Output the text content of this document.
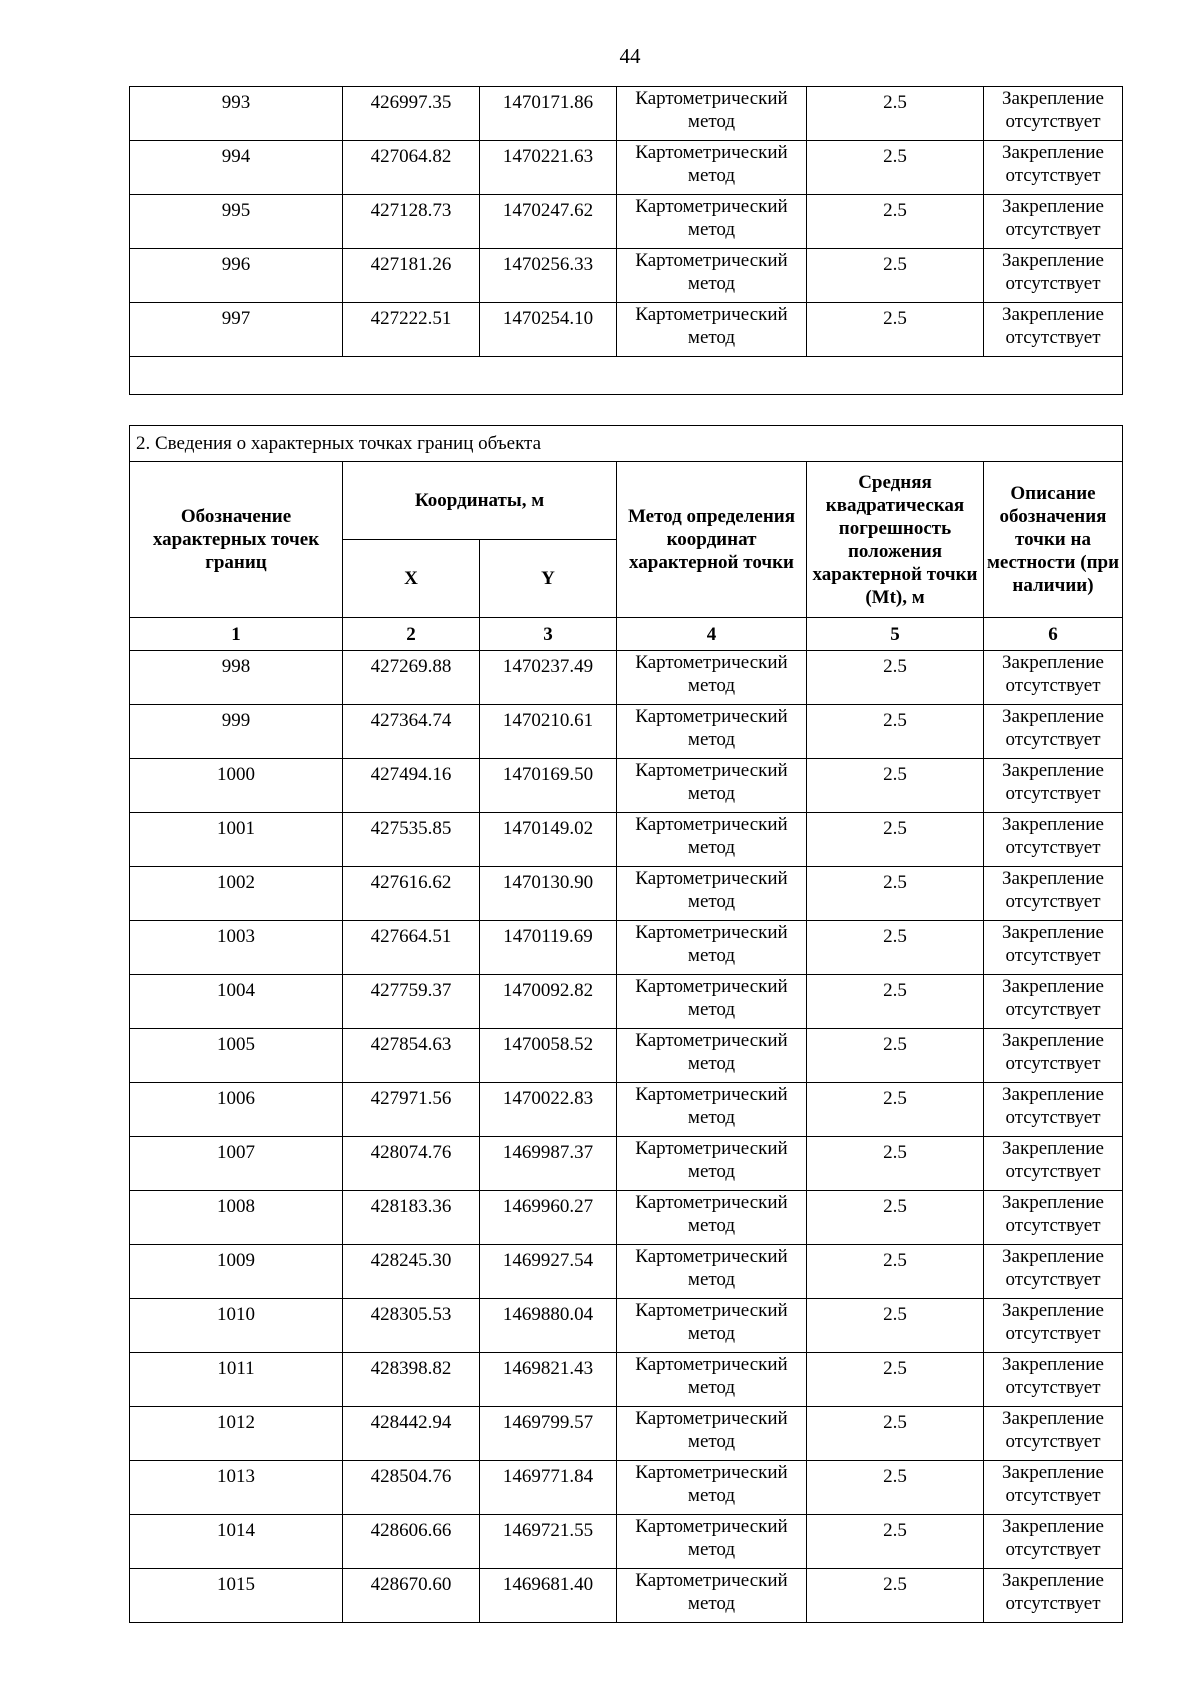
44
993	426997.35	1470171.86	Картометрический
метод	2.5	Закрепление
отсутствует

994	427064.82	1470221.63	Картометрический
метод	2.5	Закрепление
отсутствует

995	427128.73	1470247.62	Картометрический
метод	2.5	Закрепление
отсутствует

996	427181.26	1470256.33	Картометрический
метод	2.5	Закрепление
отсутствует

997	427222.51	1470254.10	Картометрический
метод	2.5	Закрепление
отсутствует

2. Сведения о характерных точках границ объекта					
Обозначение характерных точек границ	Координаты, м		Метод определения координат характерной точки	Средняя квадратическая погрешность положения характерной точки (Mt), м	Описание обозначения точки на местности (при наличии)
	X	Y			
1	2	3	4	5	6
998	427269.88	1470237.49	Картометрический
метод	2.5	Закрепление
отсутствует

999	427364.74	1470210.61	Картометрический
метод	2.5	Закрепление
отсутствует

1000	427494.16	1470169.50	Картометрический
метод	2.5	Закрепление
отсутствует

1001	427535.85	1470149.02	Картометрический
метод	2.5	Закрепление
отсутствует

1002	427616.62	1470130.90	Картометрический
метод	2.5	Закрепление
отсутствует

1003	427664.51	1470119.69	Картометрический
метод	2.5	Закрепление
отсутствует

1004	427759.37	1470092.82	Картометрический
метод	2.5	Закрепление
отсутствует

1005	427854.63	1470058.52	Картометрический
метод	2.5	Закрепление
отсутствует

1006	427971.56	1470022.83	Картометрический
метод	2.5	Закрепление
отсутствует

1007	428074.76	1469987.37	Картометрический
метод	2.5	Закрепление
отсутствует

1008	428183.36	1469960.27	Картометрический
метод	2.5	Закрепление
отсутствует

1009	428245.30	1469927.54	Картометрический
метод	2.5	Закрепление
отсутствует

1010	428305.53	1469880.04	Картометрический
метод	2.5	Закрепление
отсутствует

1011	428398.82	1469821.43	Картометрический
метод	2.5	Закрепление
отсутствует

1012	428442.94	1469799.57	Картометрический
метод	2.5	Закрепление
отсутствует

1013	428504.76	1469771.84	Картометрический
метод	2.5	Закрепление
отсутствует

1014	428606.66	1469721.55	Картометрический
метод	2.5	Закрепление
отсутствует

1015	428670.60	1469681.40	Картометрический
метод	2.5	Закрепление
отсутствует
